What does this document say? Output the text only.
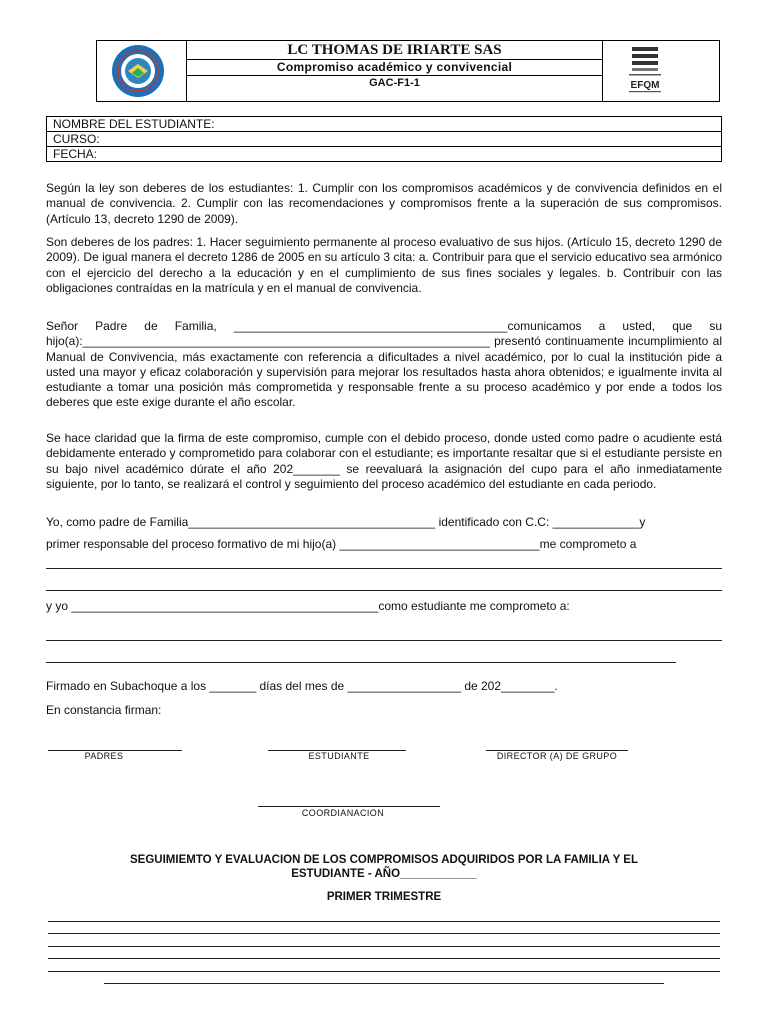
LC THOMAS DE IRIARTE SAS
Compromiso académico y convivencial
GAC-F1-1	EFQM
NOMBRE DEL ESTUDIANTE:
CURSO:
FECHA:

Según la ley son deberes de los estudiantes: 1. Cumplir con los compromisos académicos y de convivencia definidos en el manual de convivencia. 2. Cumplir con las recomendaciones y compromisos frente a la superación de sus compromisos. (Artículo 13, decreto 1290 de 2009).

Son deberes de los padres: 1. Hacer seguimiento permanente al proceso evaluativo de sus hijos. (Artículo 15, decreto 1290 de 2009). De igual manera el decreto 1286 de 2005 en su artículo 3 cita: a. Contribuir para que el servicio educativo sea armónico con el ejercicio del derecho a la educación y en el cumplimiento de sus fines sociales y legales. b. Contribuir con las obligaciones contraídas en la matrícula y en el manual de convivencia.

Señor Padre de Familia, _________________________________________comunicamos a usted, que su hijo(a):_____________________________________________________________ presentó continuamente incumplimiento al Manual de Convivencia, más exactamente con referencia a dificultades a nivel académico, por lo cual la institución pide a usted una mayor y eficaz colaboración y supervisión para mejorar los resultados hasta ahora obtenidos; e igualmente invita al estudiante a tomar una posición más comprometida y responsable frente a su proceso académico y por ende a todos los deberes que este exige durante el año escolar.

Se hace claridad que la firma de este compromiso, cumple con el debido proceso, donde usted como padre o acudiente está debidamente enterado y comprometido para colaborar con el estudiante; es importante resaltar que si el estudiante persiste en su bajo nivel académico dúrate el año 202_______ se reevaluará la asignación del cupo para el año inmediatamente siguiente, por lo tanto, se realizará el control y seguimiento del proceso académico del estudiante en cada periodo.

Yo, como padre de Familia_____________________________________ identificado con C.C: _____________y

primer responsable del proceso formativo de mi hijo(a) ______________________________me comprometo a

y yo ______________________________________________como estudiante me comprometo a:

Firmado en Subachoque a los _______ días del mes de _________________ de 202________.

En constancia firman:

PADRES	ESTUDIANTE	DIRECTOR (A) DE GRUPO
COORDIANACION
SEGUIMIEMTO Y EVALUACION DE LOS COMPROMISOS ADQUIRIDOS POR LA FAMILIA Y EL
ESTUDIANTE - AÑO____________
PRIMER TRIMESTRE
